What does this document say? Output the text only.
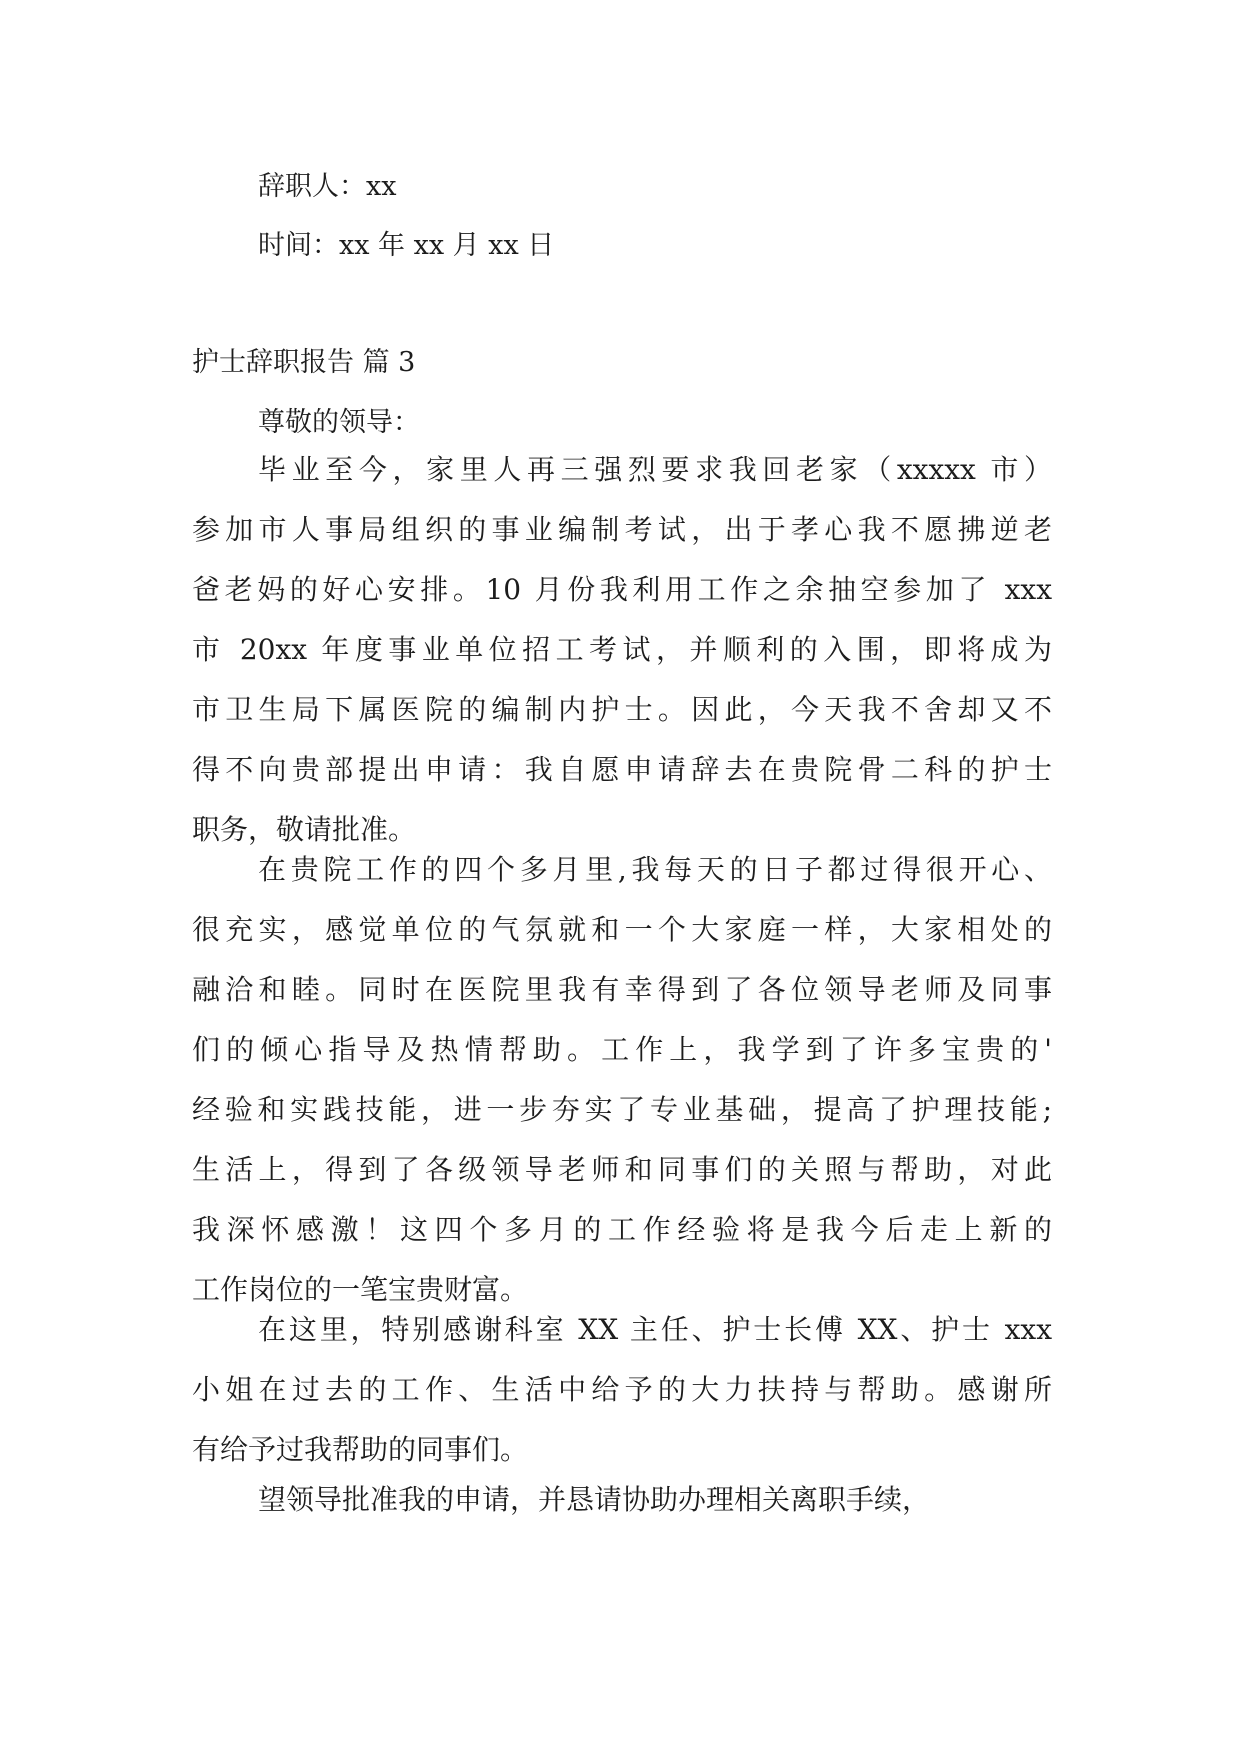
辞职人：xx
时间：xx 年 xx 月 xx 日
护士辞职报告 篇 3
尊敬的领导：
毕业至今，家里人再三强烈要求我回老家（xxxxx 市）
参加市人事局组织的事业编制考试，出于孝心我不愿拂逆老
爸老妈的好心安排。10 月份我利用工作之余抽空参加了 xxx
市 20xx 年度事业单位招工考试，并顺利的入围，即将成为
市卫生局下属医院的编制内护士。因此，今天我不舍却又不
得不向贵部提出申请：我自愿申请辞去在贵院骨二科的护士
职务，敬请批准。
在贵院工作的四个多月里,我每天的日子都过得很开心、
很充实，感觉单位的气氛就和一个大家庭一样，大家相处的
融洽和睦。同时在医院里我有幸得到了各位领导老师及同事
们的倾心指导及热情帮助。工作上，我学到了许多宝贵的'
经验和实践技能，进一步夯实了专业基础，提高了护理技能;
生活上，得到了各级领导老师和同事们的关照与帮助，对此
我深怀感激！这四个多月的工作经验将是我今后走上新的
工作岗位的一笔宝贵财富。
在这里，特别感谢科室 XX 主任、护士长傅 XX、护士 xxx
小姐在过去的工作、生活中给予的大力扶持与帮助。感谢所
有给予过我帮助的同事们。
望领导批准我的申请，并恳请协助办理相关离职手续，
